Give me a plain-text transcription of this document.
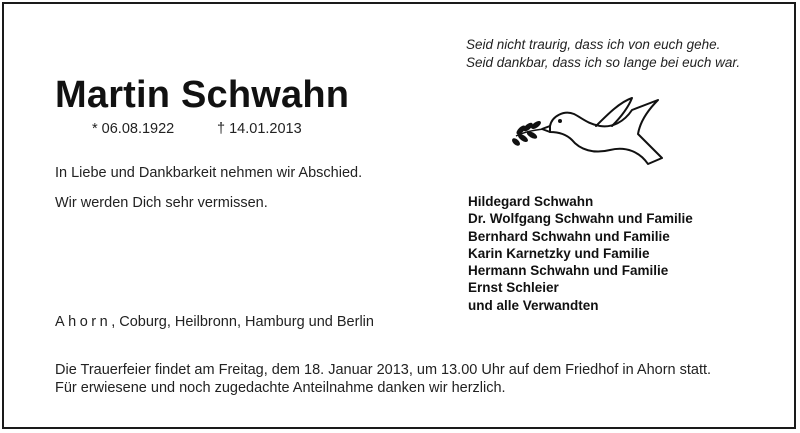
Seid nicht traurig, dass ich von euch gehe.
Seid dankbar, dass ich so lange bei euch war.
Martin Schwahn
* 06.08.1922	† 14.01.2013
In Liebe und Dankbarkeit nehmen wir Abschied.
Wir werden Dich sehr vermissen.	Hildegard Schwahn
Dr. Wolfgang Schwahn und Familie
Bernhard Schwahn und Familie
Karin Karnetzky und Familie
Hermann Schwahn und Familie
Ernst Schleier
und alle Verwandten
Ahorn, Coburg, Heilbronn, Hamburg und Berlin
Die Trauerfeier findet am Freitag, dem 18. Januar 2013, um 13.00 Uhr auf dem Friedhof in Ahorn statt.
Für erwiesene und noch zugedachte Anteilnahme danken wir herzlich.
